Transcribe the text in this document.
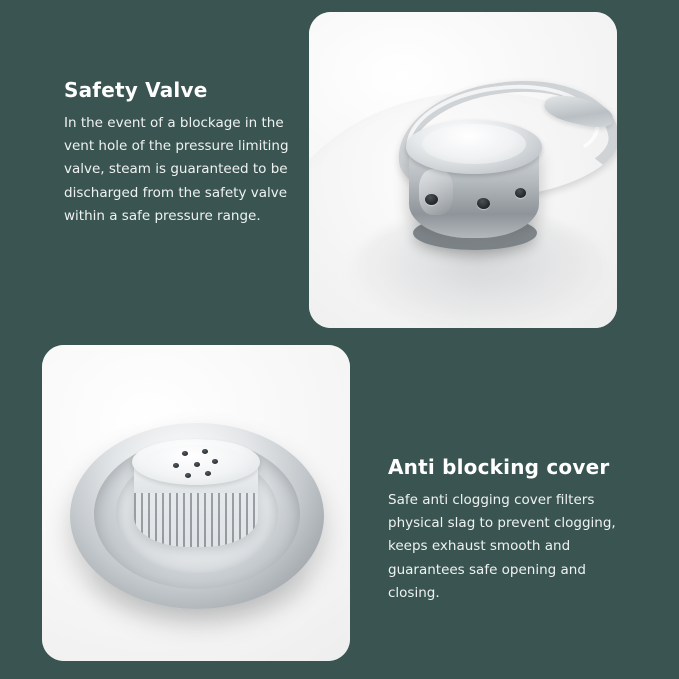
Safety Valve

In the event of a blockage in the vent hole of the pressure limiting valve, steam is guaranteed to be discharged from the safety valve within a safe pressure range.

Anti blocking cover

Safe anti clogging cover filters physical slag to prevent clogging, keeps exhaust smooth and guarantees safe opening and closing.
